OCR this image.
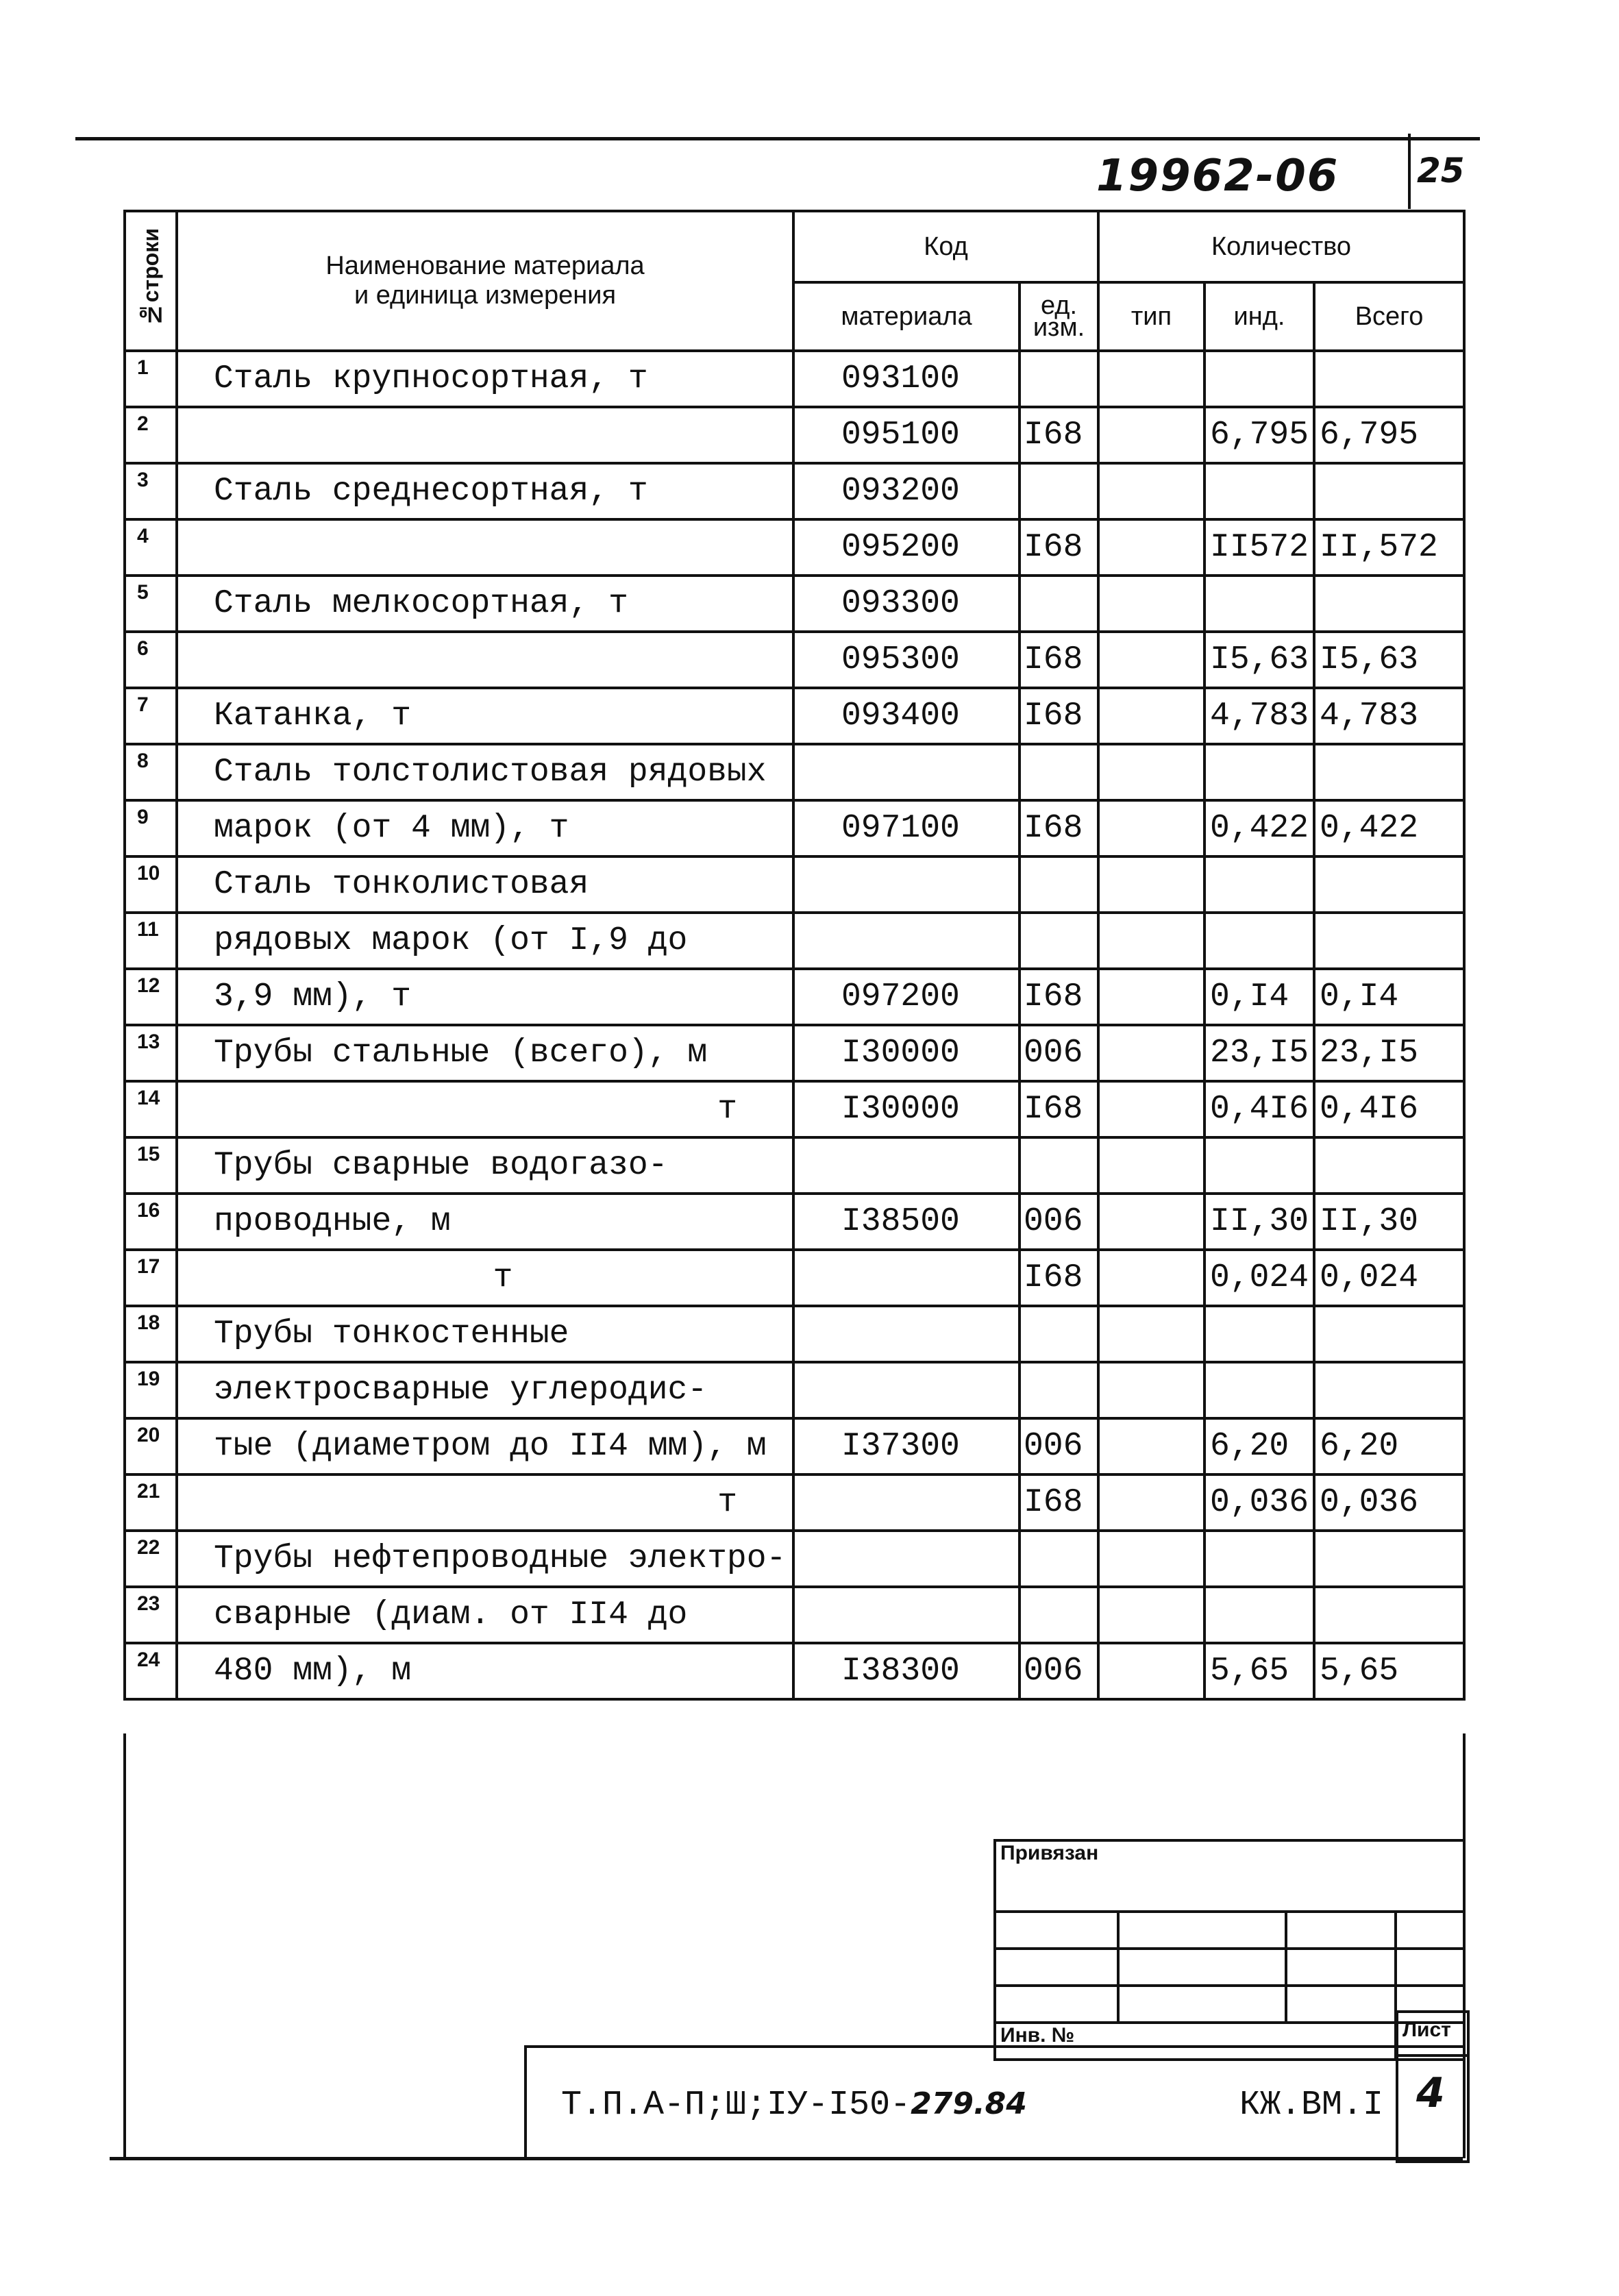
19962-06 25
№строки	Наименование материала
и единица измерения	Код		Количество		
		материала	ед. изм.	тип	инд.	Всего
1	Сталь крупносортная, т	093100				
2		095100	I68		6,795	6,795
3	Сталь среднесортная, т	093200				
4		095200	I68		II572	II,572
5	Сталь мелкосортная, т	093300				
6		095300	I68		I5,63	I5,63
7	Катанка, т	093400	I68		4,783	4,783
8	Сталь толстолистовая рядовых					
9	марок (от 4 мм), т	097100	I68		0,422	0,422
10	Сталь тонколистовая					
11	рядовых марок (от I,9 до					
12	3,9 мм), т	097200	I68		0,I4	0,I4
13	Трубы стальные (всего), м	I30000	006		23,I5	23,I5
14	т	I30000	I68		0,4I6	0,4I6
15	Трубы сварные водогазо-					
16	проводные, м	I38500	006		II,30	II,30
17	т		I68		0,024	0,024
18	Трубы тонкостенные					
19	электросварные углеродис-					
20	тые (диаметром до II4 мм), м	I37300	006		6,20	6,20
21	т		I68		0,036	0,036
22	Трубы нефтепроводные электро-					
23	сварные (диам. от II4 до					
24	480 мм), м	I38300	006		5,65	5,65
Привязан			

Инв. №			
Т.П.А-П;Ш;IУ-I50-279.84	КЖ.ВМ.I
Лист
4
